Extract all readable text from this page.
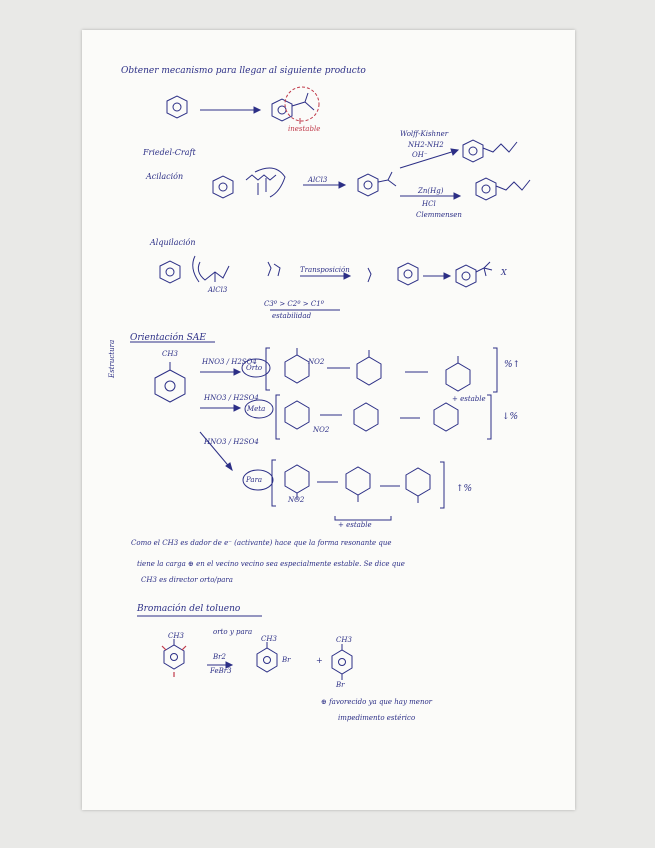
Obtener mecanismo para llegar al siguiente producto
inestable
Friedel-Craft
Acilación	AlCl3
Wolff-Kishner
NH2-NH2
OH⁻
Zn(Hg)
HCl
Clemmensen
Alquilación
AlCl3
Transposición
C3º > C2º > C1º
estabilidad
X
Orientación SAE
Estructura	CH3
HNO3 / H2SO4
HNO3 / H2SO4
HNO3 / H2SO4
Orto
Meta
Para
NO2
NO2
NO2
+ estable
+ estable
%↑
↓%
↑%
Como el CH3 es dador de e⁻ (activante) hace que la forma resonante que
tiene la carga ⊕ en el vecino vecino sea especialmente estable. Se dice que
CH3 es director orto/para
Bromación del tolueno
orto y para
CH3	CH3	CH3
Br2
FeBr3
Br	+
Br
⊕ favorecido ya que hay menor
impedimento estérico
